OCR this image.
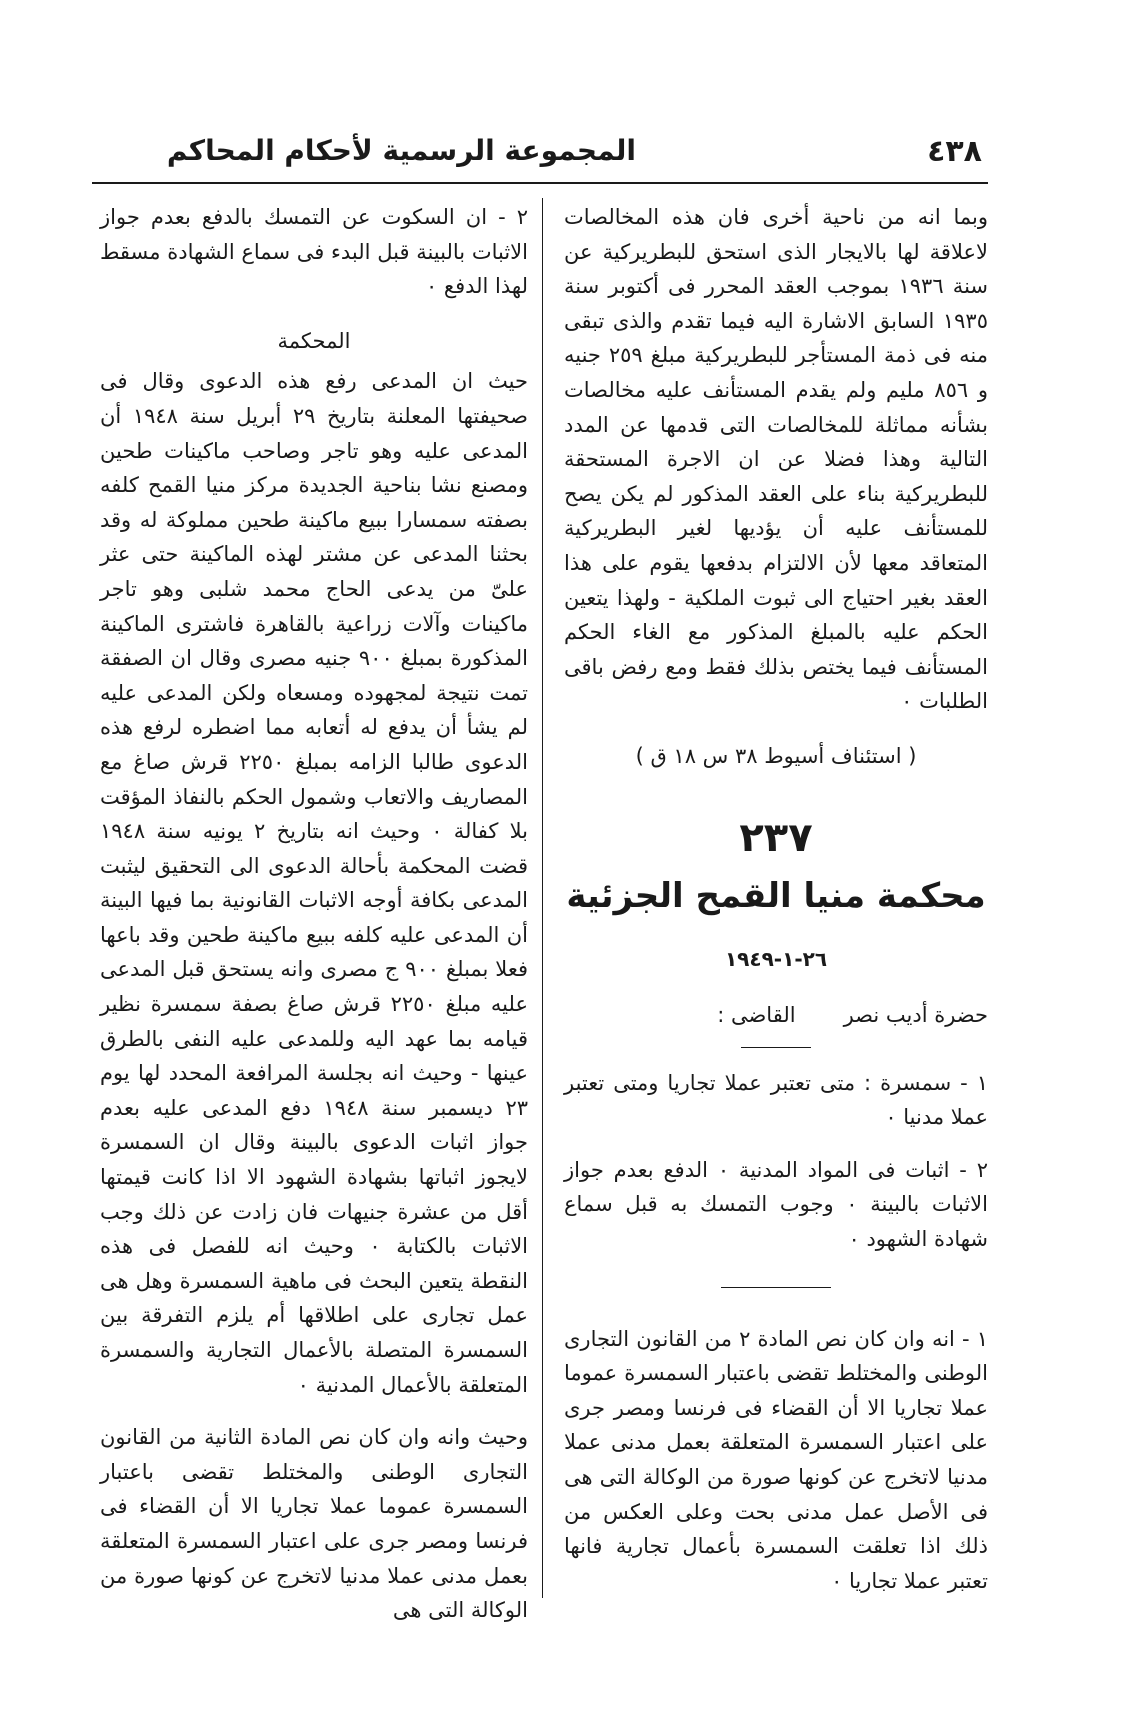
٤٣٨
المجموعة الرسمية لأحكام المحاكم

وبما انه من ناحية أخرى فان هذه المخالصات لاعلاقة لها بالايجار الذى استحق للبطريركية عن سنة ١٩٣٦ بموجب العقد المحرر فى أكتوبر سنة ١٩٣٥ السابق الاشارة اليه فيما تقدم والذى تبقى منه فى ذمة المستأجر للبطريركية مبلغ ٢٥٩ جنيه و ٨٥٦ مليم ولم يقدم المستأنف عليه مخالصات بشأنه مماثلة للمخالصات التى قدمها عن المدد التالية وهذا فضلا عن ان الاجرة المستحقة للبطريركية بناء على العقد المذكور لم يكن يصح للمستأنف عليه أن يؤديها لغير البطريركية المتعاقد معها لأن الالتزام بدفعها يقوم على هذا العقد بغير احتياج الى ثبوت الملكية - ولهذا يتعين الحكم عليه بالمبلغ المذكور مع الغاء الحكم المستأنف فيما يختص بذلك فقط ومع رفض باقى الطلبات ٠

( استئناف أسيوط ٣٨ س ١٨ ق )

٢٣٧

محكمة منيا القمح الجزئية

٢٦-١-١٩٤٩

حضرة أديب نصر
القاضى :

١ - سمسرة : متى تعتبر عملا تجاريا ومتى تعتبر عملا مدنيا ٠

٢ - اثبات فى المواد المدنية ٠ الدفع بعدم جواز الاثبات بالبينة ٠ وجوب التمسك به قبل سماع شهادة الشهود ٠

١ - انه وان كان نص المادة ٢ من القانون التجارى الوطنى والمختلط تقضى باعتبار السمسرة عموما عملا تجاريا الا أن القضاء فى فرنسا ومصر جرى على اعتبار السمسرة المتعلقة بعمل مدنى عملا مدنيا لاتخرج عن كونها صورة من الوكالة التى هى فى الأصل عمل مدنى بحت وعلى العكس من ذلك اذا تعلقت السمسرة بأعمال تجارية فانها تعتبر عملا تجاريا ٠

٢ - ان السكوت عن التمسك بالدفع بعدم جواز الاثبات بالبينة قبل البدء فى سماع الشهادة مسقط لهذا الدفع ٠

المحكمة

حيث ان المدعى رفع هذه الدعوى وقال فى صحيفتها المعلنة بتاريخ ٢٩ أبريل سنة ١٩٤٨ أن المدعى عليه وهو تاجر وصاحب ماكينات طحين ومصنع نشا بناحية الجديدة مركز منيا القمح كلفه بصفته سمسارا ببيع ماكينة طحين مملوكة له وقد بحثنا المدعى عن مشتر لهذه الماكينة حتى عثر علىّ من يدعى الحاج محمد شلبى وهو تاجر ماكينات وآلات زراعية بالقاهرة فاشترى الماكينة المذكورة بمبلغ ٩٠٠ جنيه مصرى وقال ان الصفقة تمت نتيجة لمجهوده ومسعاه ولكن المدعى عليه لم يشأ أن يدفع له أتعابه مما اضطره لرفع هذه الدعوى طالبا الزامه بمبلغ ٢٢٥٠ قرش صاغ مع المصاريف والاتعاب وشمول الحكم بالنفاذ المؤقت بلا كفالة ٠ وحيث انه بتاريخ ٢ يونيه سنة ١٩٤٨ قضت المحكمة بأحالة الدعوى الى التحقيق ليثبت المدعى بكافة أوجه الاثبات القانونية بما فيها البينة أن المدعى عليه كلفه ببيع ماكينة طحين وقد باعها فعلا بمبلغ ٩٠٠ ج مصرى وانه يستحق قبل المدعى عليه مبلغ ٢٢٥٠ قرش صاغ بصفة سمسرة نظير قيامه بما عهد اليه وللمدعى عليه النفى بالطرق عينها - وحيث انه بجلسة المرافعة المحدد لها يوم ٢٣ ديسمبر سنة ١٩٤٨ دفع المدعى عليه بعدم جواز اثبات الدعوى بالبينة وقال ان السمسرة لايجوز اثباتها بشهادة الشهود الا اذا كانت قيمتها أقل من عشرة جنيهات فان زادت عن ذلك وجب الاثبات بالكتابة ٠ وحيث انه للفصل فى هذه النقطة يتعين البحث فى ماهية السمسرة وهل هى عمل تجارى على اطلاقها أم يلزم التفرقة بين السمسرة المتصلة بالأعمال التجارية والسمسرة المتعلقة بالأعمال المدنية ٠

وحيث وانه وان كان نص المادة الثانية من القانون التجارى الوطنى والمختلط تقضى باعتبار السمسرة عموما عملا تجاريا الا أن القضاء فى فرنسا ومصر جرى على اعتبار السمسرة المتعلقة بعمل مدنى عملا مدنيا لاتخرج عن كونها صورة من الوكالة التى هى
